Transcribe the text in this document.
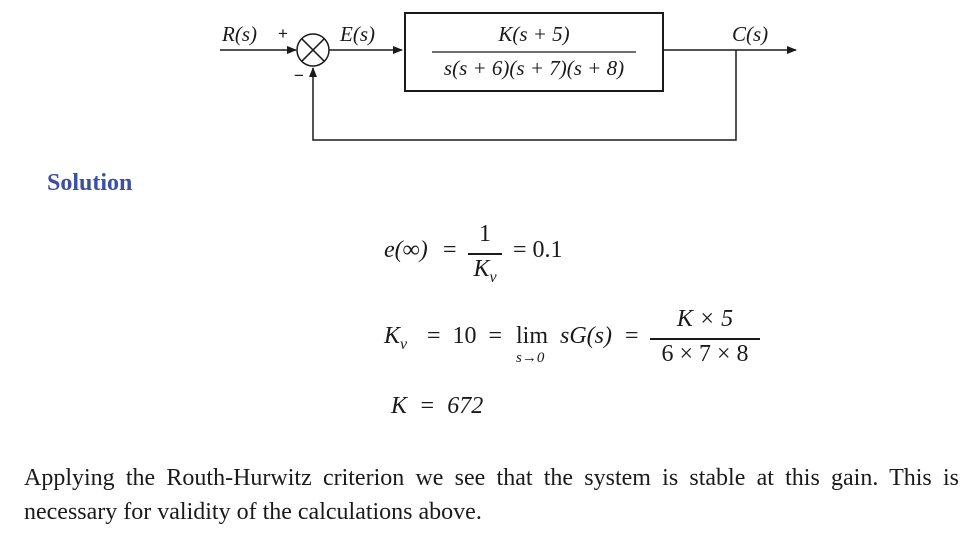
R(s) +
−
E(s)	C(s)
K(s + 5)
s(s + 6)(s + 7)(s + 8)
Solution
e(∞) =
1
$K_v$
= 0.1
$K_v = 10 = \lim$
s→0
sG(s) =
K × 5
6 × 7 × 8
K = 672
Applying the Routh-Hurwitz criterion we see that the system is stable at this gain. This is necessary for validity of the calculations above.
